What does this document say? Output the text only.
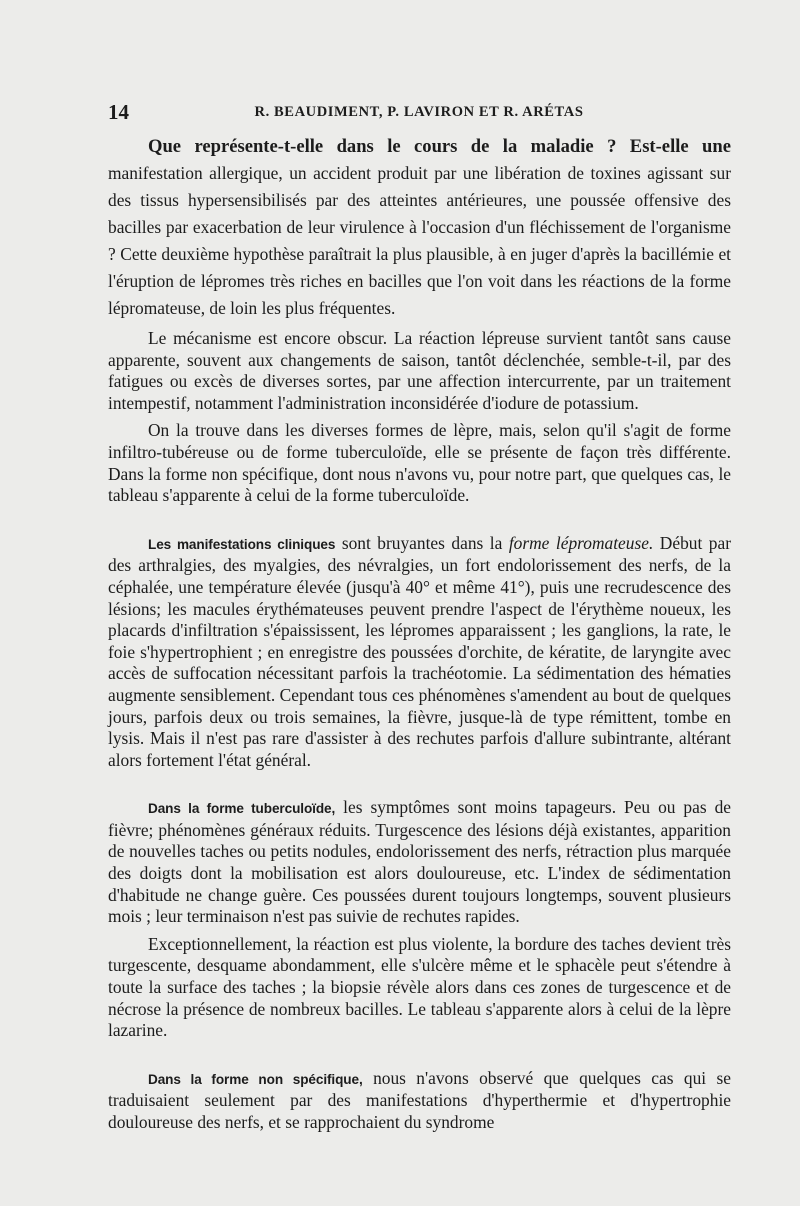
14	R. BEAUDIMENT, P. LAVIRON ET R. ARÉTAS

Que représente-t-elle dans le cours de la maladie ? Est-elle une manifestation allergique, un accident produit par une libération de toxines agissant sur des tissus hypersensibilisés par des atteintes antérieures, une poussée offensive des bacilles par exacerbation de leur virulence à l'occasion d'un fléchissement de l'organisme ? Cette deuxième hypothèse paraîtrait la plus plausible, à en juger d'après la bacillémie et l'éruption de lépromes très riches en bacilles que l'on voit dans les réactions de la forme lépromateuse, de loin les plus fréquentes.

Le mécanisme est encore obscur. La réaction lépreuse survient tantôt sans cause apparente, souvent aux changements de saison, tantôt déclenchée, semble-t-il, par des fatigues ou excès de diverses sortes, par une affection intercurrente, par un traitement intempestif, notamment l'administration inconsidérée d'iodure de potassium.

On la trouve dans les diverses formes de lèpre, mais, selon qu'il s'agit de forme infiltro-tubéreuse ou de forme tuberculoïde, elle se présente de façon très différente. Dans la forme non spécifique, dont nous n'avons vu, pour notre part, que quelques cas, le tableau s'apparente à celui de la forme tuberculoïde.

Les manifestations cliniques sont bruyantes dans la forme lépromateuse. Début par des arthralgies, des myalgies, des névralgies, un fort endolorissement des nerfs, de la céphalée, une température élevée (jusqu'à 40° et même 41°), puis une recrudescence des lésions; les macules érythémateuses peuvent prendre l'aspect de l'érythème noueux, les placards d'infiltration s'épaississent, les lépromes apparaissent ; les ganglions, la rate, le foie s'hypertrophient ; en enregistre des poussées d'orchite, de kératite, de laryngite avec accès de suffocation nécessitant parfois la trachéotomie. La sédimentation des hématies augmente sensiblement. Cependant tous ces phénomènes s'amendent au bout de quelques jours, parfois deux ou trois semaines, la fièvre, jusque-là de type rémittent, tombe en lysis. Mais il n'est pas rare d'assister à des rechutes parfois d'allure subintrante, altérant alors fortement l'état général.

Dans la forme tuberculoïde, les symptômes sont moins tapageurs. Peu ou pas de fièvre; phénomènes généraux réduits. Turgescence des lésions déjà existantes, apparition de nouvelles taches ou petits nodules, endolorissement des nerfs, rétraction plus marquée des doigts dont la mobilisation est alors douloureuse, etc. L'index de sédimentation d'habitude ne change guère. Ces poussées durent toujours longtemps, souvent plusieurs mois ; leur terminaison n'est pas suivie de rechutes rapides.

Exceptionnellement, la réaction est plus violente, la bordure des taches devient très turgescente, desquame abondamment, elle s'ulcère même et le sphacèle peut s'étendre à toute la surface des taches ; la biopsie révèle alors dans ces zones de turgescence et de nécrose la présence de nombreux bacilles. Le tableau s'apparente alors à celui de la lèpre lazarine.

Dans la forme non spécifique, nous n'avons observé que quelques cas qui se traduisaient seulement par des manifestations d'hyperthermie et d'hypertrophie douloureuse des nerfs, et se rapprochaient du syndrome
